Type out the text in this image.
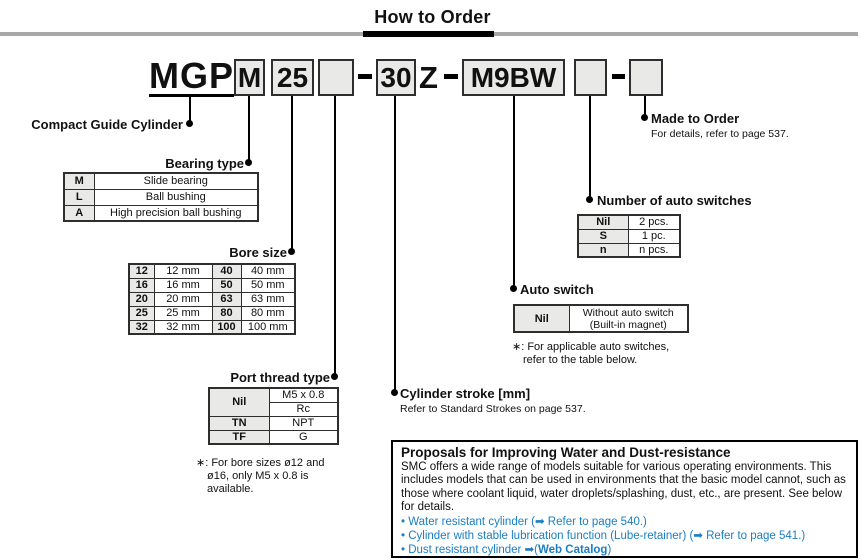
How to Order
MGP M 25	30 Z	M9BW
Compact Guide Cylinder
Bearing type
M	Slide bearing
L	Ball bushing
A	High precision ball bushing
Bore size
12	12 mm	40	40 mm
16	16 mm	50	50 mm
20	20 mm	63	63 mm
25	25 mm	80	80 mm
32	32 mm	100	100 mm
Port thread type
Nil	M5 x 0.8
	Rc
TN	NPT
TF	G
∗: For bore sizes ø12 and
ø16, only M5 x 0.8 is
available.
Cylinder stroke [mm]
Refer to Standard Strokes on page 537.
Auto switch
Nil	Without auto switch
(Built-in magnet)
∗: For applicable auto switches,
refer to the table below.
Number of auto switches
Nil	2 pcs.
S	1 pc.
n	n pcs.
Made to Order
For details, refer to page 537.
Proposals for Improving Water and Dust-resistance
SMC offers a wide range of models suitable for various operating environments. This includes models that can be used in environments that the basic model cannot, such as those where coolant liquid, water droplets/splashing, dust, etc., are present. See below for details.
• Water resistant cylinder (➡ Refer to page 540.)
• Cylinder with stable lubrication function (Lube-retainer) (➡ Refer to page 541.)
• Dust resistant cylinder ➡(Web Catalog)
